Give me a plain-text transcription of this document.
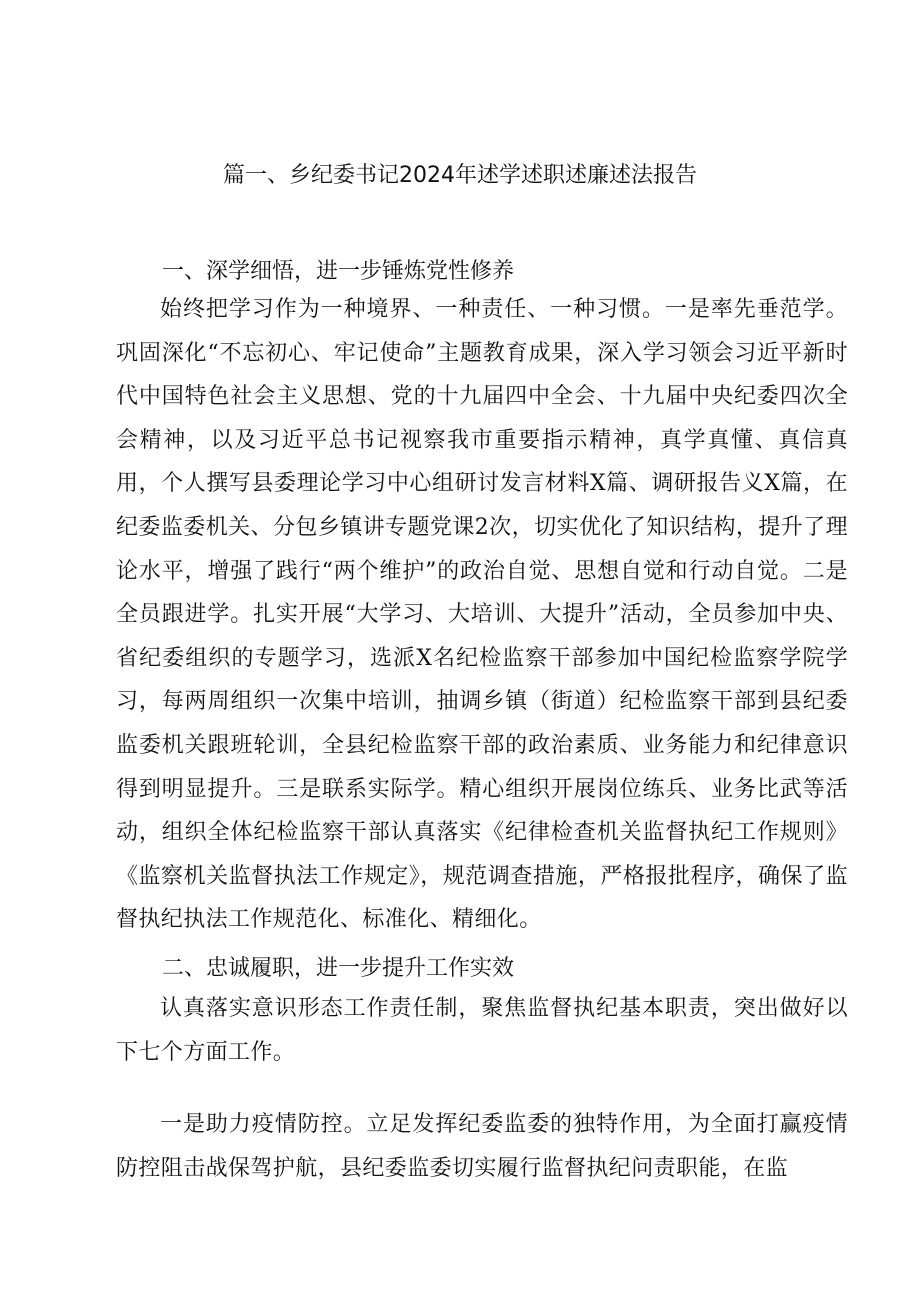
篇一、乡纪委书记2024年述学述职述廉述法报告
一、深学细悟，进一步锤炼党性修养

始终把学习作为一种境界、一种责任、一种习惯。一是率先垂范学。巩固深化“不忘初心、牢记使命”主题教育成果，深入学习领会习近平新时代中国特色社会主义思想、党的十九届四中全会、十九届中央纪委四次全会精神，以及习近平总书记视察我市重要指示精神，真学真懂、真信真用，个人撰写县委理论学习中心组研讨发言材料X篇、调研报告义X篇，在纪委监委机关、分包乡镇讲专题党课2次，切实优化了知识结构，提升了理论水平，增强了践行“两个维护”的政治自觉、思想自觉和行动自觉。二是全员跟进学。扎实开展“大学习、大培训、大提升”活动，全员参加中央、省纪委组织的专题学习，选派X名纪检监察干部参加中国纪检监察学院学习，每两周组织一次集中培训，抽调乡镇（街道）纪检监察干部到县纪委监委机关跟班轮训，全县纪检监察干部的政治素质、业务能力和纪律意识得到明显提升。三是联系实际学。精心组织开展岗位练兵、业务比武等活动，组织全体纪检监察干部认真落实《纪律检查机关监督执纪工作规则》《监察机关监督执法工作规定》，规范调查措施，严格报批程序，确保了监督执纪执法工作规范化、标准化、精细化。

二、忠诚履职，进一步提升工作实效

认真落实意识形态工作责任制，聚焦监督执纪基本职责，突出做好以下七个方面工作。

一是助力疫情防控。立足发挥纪委监委的独特作用，为全面打赢疫情防控阻击战保驾护航，县纪委监委切实履行监督执纪问责职能，在监
